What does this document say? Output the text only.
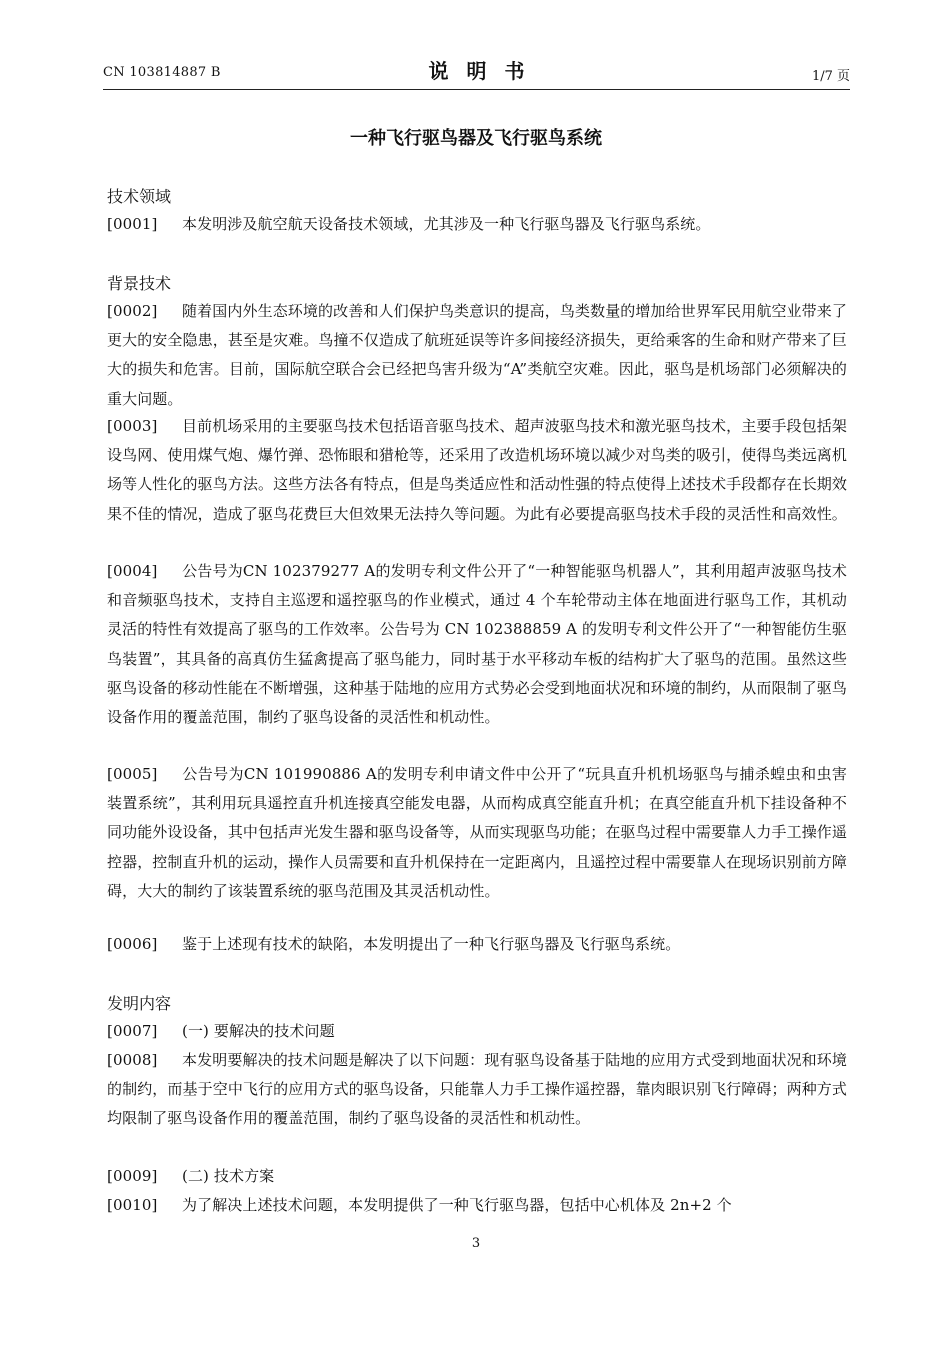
CN 103814887 B	说明书	1/7 页
一种飞行驱鸟器及飞行驱鸟系统
技术领域
[0001] 本发明涉及航空航天设备技术领域，尤其涉及一种飞行驱鸟器及飞行驱鸟系统。
背景技术
[0002] 随着国内外生态环境的改善和人们保护鸟类意识的提高，鸟类数量的增加给世界军民用航空业带来了更大的安全隐患，甚至是灾难。鸟撞不仅造成了航班延误等许多间接经济损失，更给乘客的生命和财产带来了巨大的损失和危害。目前，国际航空联合会已经把鸟害升级为“A”类航空灾难。因此，驱鸟是机场部门必须解决的重大问题。
[0003] 目前机场采用的主要驱鸟技术包括语音驱鸟技术、超声波驱鸟技术和激光驱鸟技术，主要手段包括架设鸟网、使用煤气炮、爆竹弹、恐怖眼和猎枪等，还采用了改造机场环境以减少对鸟类的吸引，使得鸟类远离机场等人性化的驱鸟方法。这些方法各有特点，但是鸟类适应性和活动性强的特点使得上述技术手段都存在长期效果不佳的情况，造成了驱鸟花费巨大但效果无法持久等问题。为此有必要提高驱鸟技术手段的灵活性和高效性。
[0004] 公告号为CN 102379277 A的发明专利文件公开了“一种智能驱鸟机器人”，其利用超声波驱鸟技术和音频驱鸟技术，支持自主巡逻和遥控驱鸟的作业模式，通过 4 个车轮带动主体在地面进行驱鸟工作，其机动灵活的特性有效提高了驱鸟的工作效率。公告号为 CN 102388859 A 的发明专利文件公开了“一种智能仿生驱鸟装置”，其具备的高真仿生猛禽提高了驱鸟能力，同时基于水平移动车板的结构扩大了驱鸟的范围。虽然这些驱鸟设备的移动性能在不断增强，这种基于陆地的应用方式势必会受到地面状况和环境的制约，从而限制了驱鸟设备作用的覆盖范围，制约了驱鸟设备的灵活性和机动性。
[0005] 公告号为CN 101990886 A的发明专利申请文件中公开了“玩具直升机机场驱鸟与捕杀蝗虫和虫害装置系统”，其利用玩具遥控直升机连接真空能发电器，从而构成真空能直升机；在真空能直升机下挂设备种不同功能外设设备，其中包括声光发生器和驱鸟设备等，从而实现驱鸟功能；在驱鸟过程中需要靠人力手工操作遥控器，控制直升机的运动，操作人员需要和直升机保持在一定距离内，且遥控过程中需要靠人在现场识别前方障碍，大大的制约了该装置系统的驱鸟范围及其灵活机动性。
[0006] 鉴于上述现有技术的缺陷，本发明提出了一种飞行驱鸟器及飞行驱鸟系统。
发明内容
[0007] (一) 要解决的技术问题
[0008] 本发明要解决的技术问题是解决了以下问题：现有驱鸟设备基于陆地的应用方式受到地面状况和环境的制约，而基于空中飞行的应用方式的驱鸟设备，只能靠人力手工操作遥控器，靠肉眼识别飞行障碍；两种方式均限制了驱鸟设备作用的覆盖范围，制约了驱鸟设备的灵活性和机动性。
[0009] (二) 技术方案
[0010] 为了解决上述技术问题，本发明提供了一种飞行驱鸟器，包括中心机体及 2n+2 个
3
